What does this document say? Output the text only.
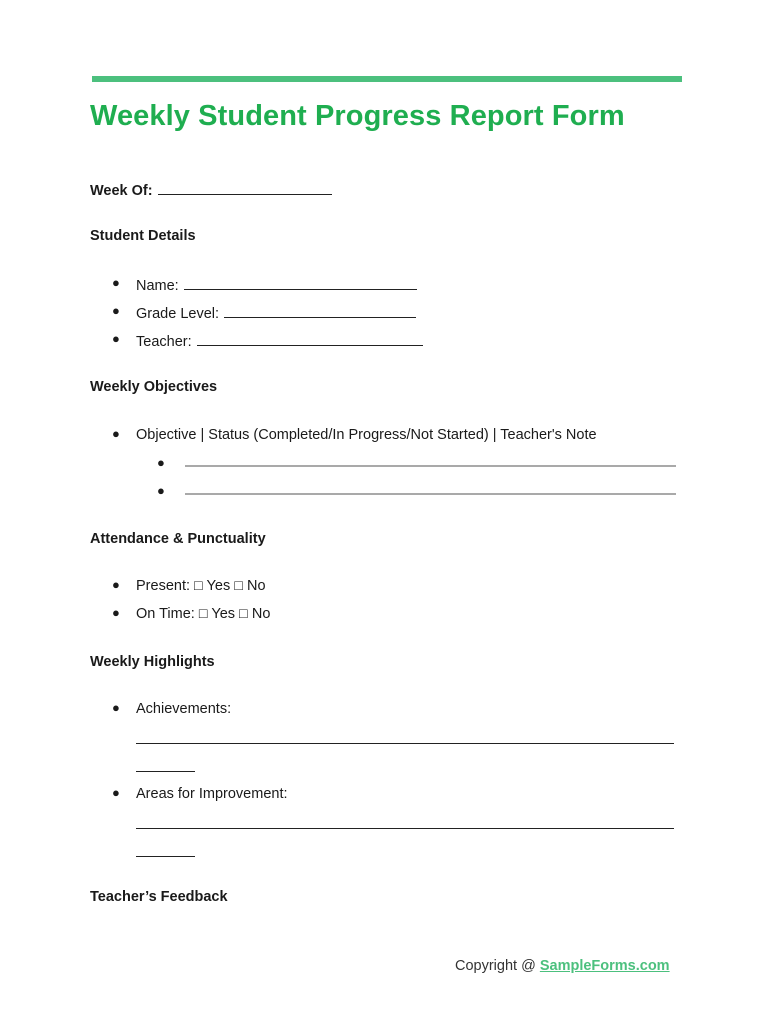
Weekly Student Progress Report Form
Week Of:
Student Details
● Name:
● Grade Level:
● Teacher:
Weekly Objectives
● Objective | Status (Completed/In Progress/Not Started) | Teacher's Note
●
●
Attendance & Punctuality
● Present: □ Yes □ No
● On Time: □ Yes □ No
Weekly Highlights
● Achievements:
● Areas for Improvement:
Teacher’s Feedback
Copyright @ SampleForms.com
